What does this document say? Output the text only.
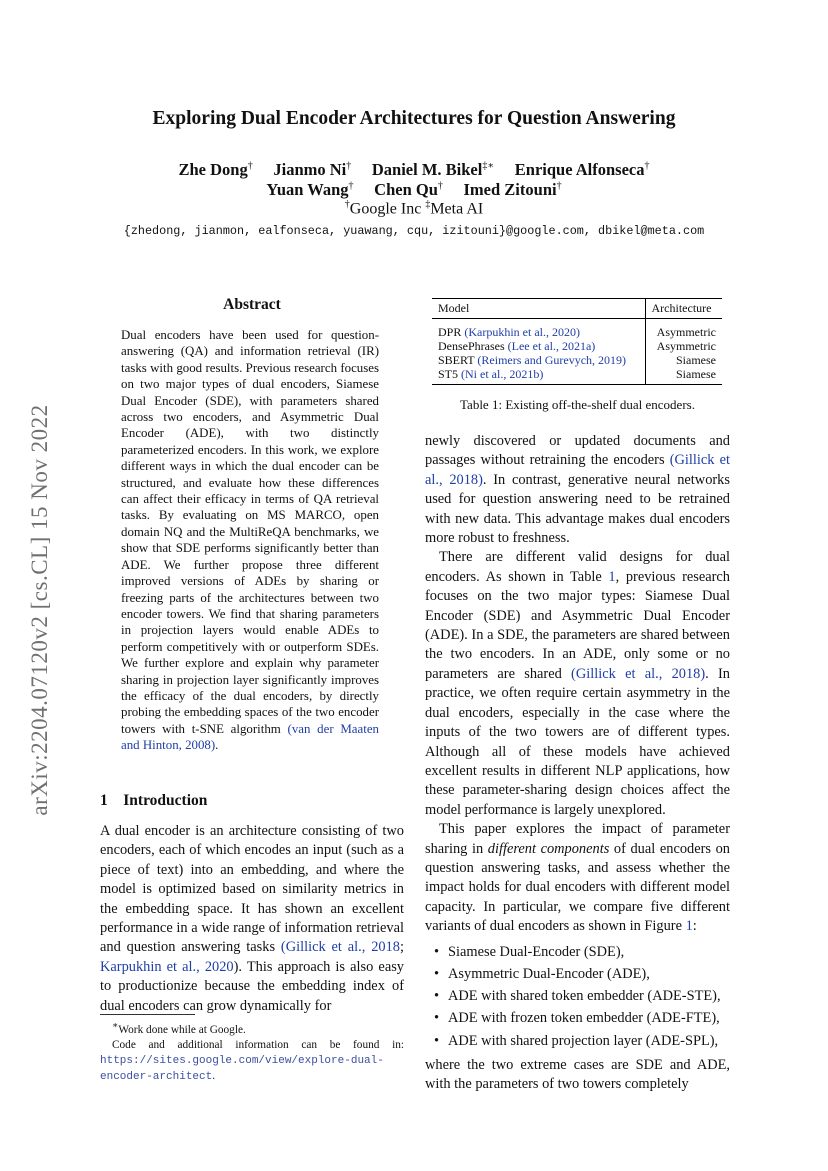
arXiv:2204.07120v2 [cs.CL] 15 Nov 2022
Exploring Dual Encoder Architectures for Question Answering
Zhe Dong† Jianmo Ni† Daniel M. Bikel‡∗ Enrique Alfonseca†
Yuan Wang† Chen Qu† Imed Zitouni†
†Google Inc ‡Meta AI
{zhedong, jianmon, ealfonseca, yuawang, cqu, izitouni}@google.com, dbikel@meta.com
Abstract
Dual encoders have been used for question-answering (QA) and information retrieval (IR) tasks with good results. Previous research focuses on two major types of dual encoders, Siamese Dual Encoder (SDE), with parameters shared across two encoders, and Asymmetric Dual Encoder (ADE), with two distinctly parameterized encoders. In this work, we explore different ways in which the dual encoder can be structured, and evaluate how these differences can affect their efficacy in terms of QA retrieval tasks. By evaluating on MS MARCO, open domain NQ and the MultiReQA benchmarks, we show that SDE performs significantly better than ADE. We further propose three different improved versions of ADEs by sharing or freezing parts of the architectures between two encoder towers. We find that sharing parameters in projection layers would enable ADEs to perform competitively with or outperform SDEs. We further explore and explain why parameter sharing in projection layer significantly improves the efficacy of the dual encoders, by directly probing the embedding spaces of the two encoder towers with t-SNE algorithm (van der Maaten and Hinton, 2008).
1 Introduction
A dual encoder is an architecture consisting of two encoders, each of which encodes an input (such as a piece of text) into an embedding, and where the model is optimized based on similarity metrics in the embedding space. It has shown an excellent performance in a wide range of information retrieval and question answering tasks (Gillick et al., 2018; Karpukhin et al., 2020). This approach is also easy to productionize because the embedding index of dual encoders can grow dynamically for
∗Work done while at Google.
Code and additional information can be found in: https://sites.google.com/view/explore-dual-encoder-architect.
Model	Architecture
DPR (Karpukhin et al., 2020)	Asymmetric
DensePhrases (Lee et al., 2021a)	Asymmetric
SBERT (Reimers and Gurevych, 2019)	Siamese
ST5 (Ni et al., 2021b)	Siamese
Table 1: Existing off-the-shelf dual encoders.
newly discovered or updated documents and passages without retraining the encoders (Gillick et al., 2018). In contrast, generative neural networks used for question answering need to be retrained with new data. This advantage makes dual encoders more robust to freshness.
There are different valid designs for dual encoders. As shown in Table 1, previous research focuses on the two major types: Siamese Dual Encoder (SDE) and Asymmetric Dual Encoder (ADE). In a SDE, the parameters are shared between the two encoders. In an ADE, only some or no parameters are shared (Gillick et al., 2018). In practice, we often require certain asymmetry in the dual encoders, especially in the case where the inputs of the two towers are of different types. Although all of these models have achieved excellent results in different NLP applications, how these parameter-sharing design choices affect the model performance is largely unexplored.
This paper explores the impact of parameter sharing in different components of dual encoders on question answering tasks, and assess whether the impact holds for dual encoders with different model capacity. In particular, we compare five different variants of dual encoders as shown in Figure 1:
• Siamese Dual-Encoder (SDE),
• Asymmetric Dual-Encoder (ADE),
• ADE with shared token embedder (ADE-STE),
• ADE with frozen token embedder (ADE-FTE),
• ADE with shared projection layer (ADE-SPL),
where the two extreme cases are SDE and ADE, with the parameters of two towers completely
